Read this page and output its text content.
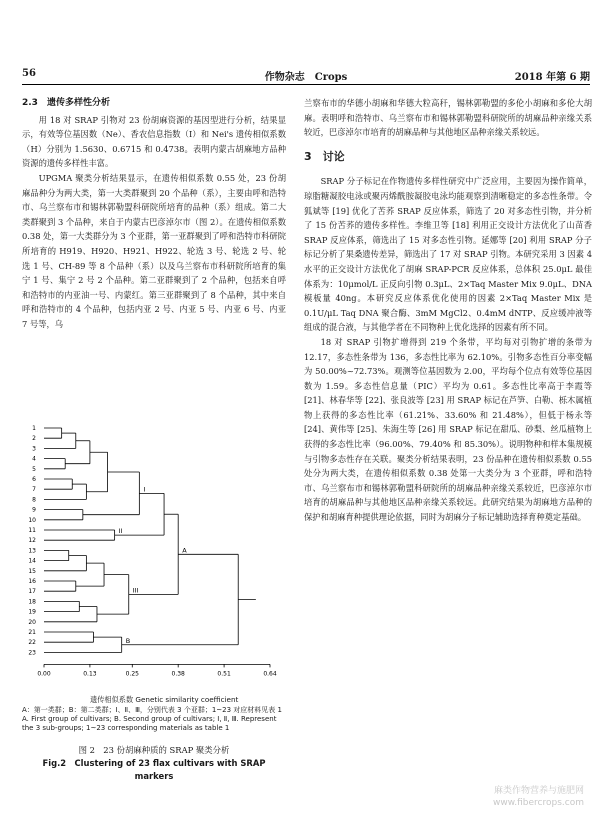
56	作物杂志　Crops	2018 年第 6 期
2.3　遗传多样性分析

用 18 对 SRAP 引物对 23 份胡麻资源的基因型进行分析，结果显示，有效等位基因数（Ne）、香农信息指数（I）和 Nei's 遗传相似系数（H）分别为 1.5630、0.6715 和 0.4738。表明内蒙古胡麻地方品种资源的遗传多样性丰富。

UPGMA 聚类分析结果显示，在遗传相似系数 0.55 处，23 份胡麻品种分为两大类，第一大类群聚到 20 个品种（系），主要由呼和浩特市、乌兰察布市和锡林郭勒盟科研院所培育的品种（系）组成。第二大类群聚到 3 个品种，来自于内蒙古巴彦淖尔市（图 2）。在遗传相似系数 0.38 处，第一大类群分为 3 个亚群，第一亚群聚到了呼和浩特市科研院所培育的 H919、H920、H921、H922、轮选 3 号、轮选 2 号、轮选 1 号、CH-89 等 8 个品种（系）以及乌兰察布市科研院所培育的集宁 1 号、集宁 2 号 2 个品种。第二亚群聚到了 2 个品种，包括来自呼和浩特市的内亚油一号、内蒙红。第三亚群聚到了 8 个品种，其中来自呼和浩特市的 4 个品种，包括内亚 2 号、内亚 5 号、内亚 6 号、内亚 7 号等，乌

1
2
3
4
5
6
7
8
9
10
11
12
13
14
15
16
17
18
19
20
21
22
23
I
II
III
A
B
0.00	0.13	0.25	0.38	0.51	0.64
遗传相似系数 Genetic similarity coefficient
A：第一类群；B：第二类群；Ⅰ、Ⅱ、Ⅲ，分别代表 3 个亚群；1~23 对应材料见表 1 A. First group of cultivars; B. Second group of cultivars; Ⅰ, Ⅱ, Ⅲ. Represent the 3 sub-groups; 1~23 corresponding materials as table 1
图 2　23 份胡麻种质的 SRAP 聚类分析
Fig.2　Clustering of 23 flax cultivars with SRAP markers

兰察布市的华德小胡麻和华德大粒高秆，锡林郭勒盟的多伦小胡麻和多伦大胡麻。表明呼和浩特市、乌兰察布市和锡林郭勒盟科研院所的胡麻品种亲缘关系较近，巴彦淖尔市培育的胡麻品种与其他地区品种亲缘关系较远。

3　讨论

SRAP 分子标记在作物遗传多样性研究中广泛应用，主要因为操作简单，琼脂糖凝胶电泳或聚丙烯酰胺凝胶电泳均能观察到清晰稳定的多态性条带。令狐斌等 [19] 优化了苦荞 SRAP 反应体系，筛选了 20 对多态性引物，并分析了 15 份苦荞的遗传多样性。李维卫等 [18] 利用正交设计方法优化了山苗香 SRAP 反应体系，筛选出了 15 对多态性引物。延娜等 [20] 利用 SRAP 分子标记分析了果桑遗传差异，筛选出了 17 对 SRAP 引物。本研究采用 3 因素 4 水平的正交设计方法优化了胡麻 SRAP-PCR 反应体系，总体积 25.0μL 最佳体系为：10μmol/L 正反向引物 0.3μL、2×Taq Master Mix 9.0μL、DNA 模板量 40ng。本研究反应体系优化使用的因素 2×Taq Master Mix 是 0.1U/μL Taq DNA 聚合酶、3mM MgCl2、0.4mM dNTP、反应缓冲液等组成的混合液，与其他学者在不同物种上优化选择的因素有所不同。

18 对 SRAP 引物扩增得到 219 个条带，平均每对引物扩增的条带为 12.17，多态性条带为 136，多态性比率为 62.10%。引物多态性百分率变幅为 50.00%~72.73%。观测等位基因数为 2.00，平均每个位点有效等位基因数为 1.59。多态性信息量（PIC）平均为 0.61。多态性比率高于李霞等 [21]、林春华等 [22]、张良波等 [23] 用 SRAP 标记在芦笋、白勒、栎木属植物上获得的多态性比率（61.21%、33.60% 和 21.48%），但低于杨永等 [24]、黄伟等 [25]、朱海生等 [26] 用 SRAP 标记在甜瓜、砂梨、丝瓜植物上获得的多态性比率（96.00%、79.40% 和 85.30%）。说明物种和样本集规模与引物多态性存在关联。聚类分析结果表明，23 份品种在遗传相似系数 0.55 处分为两大类，在遗传相似系数 0.38 处第一大类分为 3 个亚群，呼和浩特市、乌兰察布市和锡林郭勒盟科研院所的胡麻品种亲缘关系较近，巴彦淖尔市培育的胡麻品种与其他地区品种亲缘关系较远。此研究结果为胡麻地方品种的保护和胡麻育种提供理论依据，同时为胡麻分子标记辅助选择育种奠定基础。

麻类作物营养与施肥网
www.fibercrops.com
